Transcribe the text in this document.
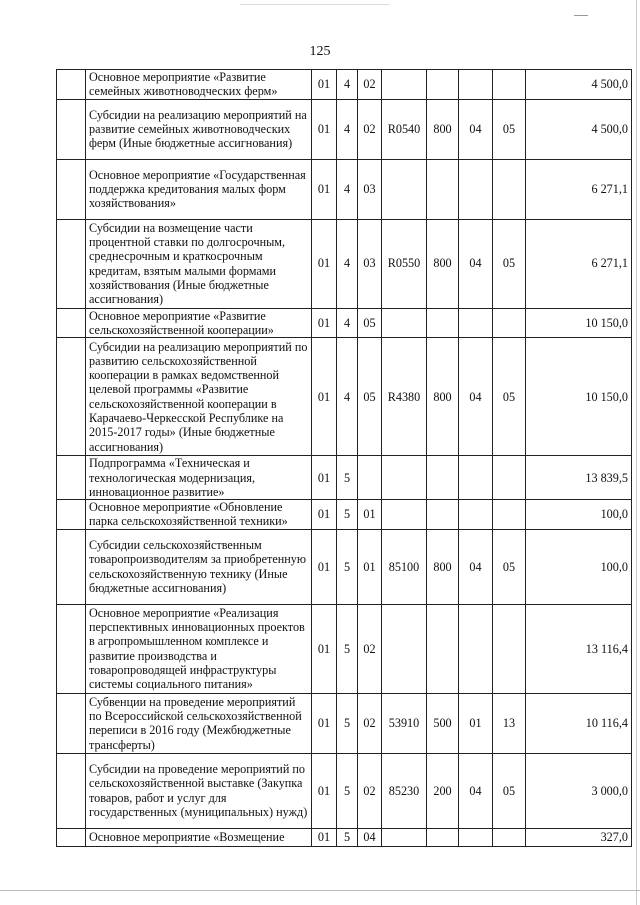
125
	Основное мероприятие «Развитие семейных животноводческих ферм»	01	4	02					4 500,0
	Субсидии на реализацию мероприятий на развитие семейных животноводческих ферм (Иные бюджетные ассигнования)	01	4	02	R0540	800	04	05	4 500,0
	Основное мероприятие «Государственная поддержка кредитования малых форм хозяйствования»	01	4	03					6 271,1
	Субсидии на возмещение части процентной ставки по долгосрочным, среднесрочным и краткосрочным кредитам, взятым малыми формами хозяйствования (Иные бюджетные ассигнования)	01	4	03	R0550	800	04	05	6 271,1
	Основное мероприятие «Развитие сельскохозяйственной кооперации»	01	4	05					10 150,0
	Субсидии на реализацию мероприятий по развитию сельскохозяйственной кооперации в рамках ведомственной целевой программы «Развитие сельскохозяйственной кооперации в Карачаево-Черкесской Республике на 2015-2017 годы» (Иные бюджетные ассигнования)	01	4	05	R4380	800	04	05	10 150,0
	Подпрограмма «Техническая и технологическая модернизация, инновационное развитие»	01	5						13 839,5
	Основное мероприятие «Обновление парка сельскохозяйственной техники»	01	5	01					100,0
	Субсидии сельскохозяйственным товаропроизводителям за приобретенную сельскохозяйственную технику (Иные бюджетные ассигнования)	01	5	01	85100	800	04	05	100,0
	Основное мероприятие «Реализация перспективных инновационных проектов в агропромышленном комплексе и развитие производства и товаропроводящей инфраструктуры системы социального питания»	01	5	02					13 116,4
	Субвенции на проведение мероприятий по Всероссийской сельскохозяйственной переписи в 2016 году (Межбюджетные трансферты)	01	5	02	53910	500	01	13	10 116,4
	Субсидии на проведение мероприятий по сельскохозяйственной выставке (Закупка товаров, работ и услуг для государственных (муниципальных) нужд)	01	5	02	85230	200	04	05	3 000,0
	Основное мероприятие «Возмещение	01	5	04					327,0
